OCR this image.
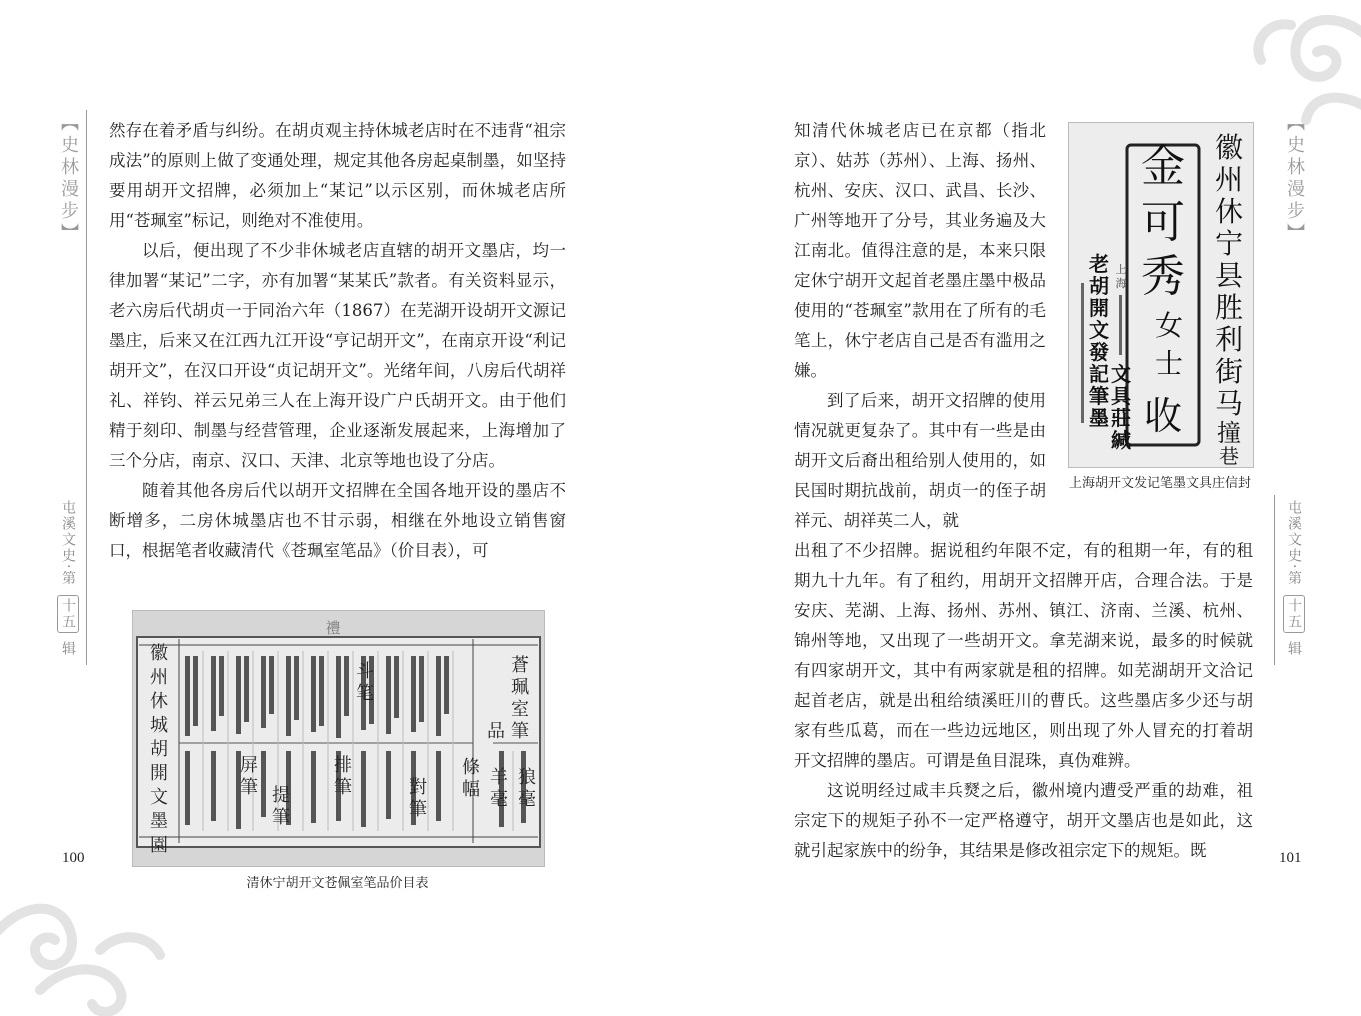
【史林漫步】
屯溪文史·第 十五 辑
100

然存在着矛盾与纠纷。在胡贞观主持休城老店时在不违背“祖宗成法”的原则上做了变通处理，规定其他各房起桌制墨，如坚持要用胡开文招牌，必须加上“某记”以示区别，而休城老店所用“苍珮室”标记，则绝对不准使用。

以后，便出现了不少非休城老店直辖的胡开文墨店，均一律加署“某记”二字，亦有加署“某某氏”款者。有关资料显示，老六房后代胡贞一于同治六年（1867）在芜湖开设胡开文源记墨庄，后来又在江西九江开设“亨记胡开文”，在南京开设“利记胡开文”，在汉口开设“贞记胡开文”。光绪年间，八房后代胡祥礼、祥钧、祥云兄弟三人在上海开设广户氏胡开文。由于他们精于刻印、制墨与经营管理，企业逐渐发展起来，上海增加了三个分店，南京、汉口、天津、北京等地也设了分店。

随着其他各房后代以胡开文招牌在全国各地开设的墨店不断增多，二房休城墨店也不甘示弱，相继在外地设立销售窗口，根据笔者收藏清代《苍珮室笔品》（价目表），可

徽
州
休
城
胡
開
文
墨
園
蒼
珮
室
筆
品
羊
毫
狼
毫
對
筆
條
幅
提
筆
排
筆
屏
筆
斗
笔
禮
清休宁胡开文苍佩室笔品价目表

知清代休城老店已在京都（指北京）、姑苏（苏州）、上海、扬州、杭州、安庆、汉口、武昌、长沙、广州等地开了分号，其业务遍及大江南北。值得注意的是，本来只限定休宁胡开文起首老墨庄墨中极品使用的“苍珮室”款用在了所有的毛笔上，休宁老店自己是否有滥用之嫌。

到了后来，胡开文招牌的使用情况就更复杂了。其中有一些是由胡开文后裔出租给别人使用的，如民国时期抗战前，胡贞一的侄子胡祥元、胡祥英二人，就

金
可
秀
女
士
收
徽
州
休
宁
县
胜
利
街
马
撞
巷
老
胡
開
文
發
記
筆
墨
文
具
莊
緘
上
海
上海胡开文发记笔墨文具庄信封

出租了不少招牌。据说租约年限不定，有的租期一年，有的租期九十九年。有了租约，用胡开文招牌开店，合理合法。于是安庆、芜湖、上海、扬州、苏州、镇江、济南、兰溪、杭州、锦州等地，又出现了一些胡开文。拿芜湖来说，最多的时候就有四家胡开文，其中有两家就是租的招牌。如芜湖胡开文洽记起首老店，就是出租给绩溪旺川的曹氏。这些墨店多少还与胡家有些瓜葛，而在一些边远地区，则出现了外人冒充的打着胡开文招牌的墨店。可谓是鱼目混珠，真伪难辨。

这说明经过咸丰兵燹之后，徽州境内遭受严重的劫难，祖宗定下的规矩子孙不一定严格遵守，胡开文墨店也是如此，这就引起家族中的纷争，其结果是修改祖宗定下的规矩。既

【史林漫步】
屯溪文史·第 十五 辑
101
